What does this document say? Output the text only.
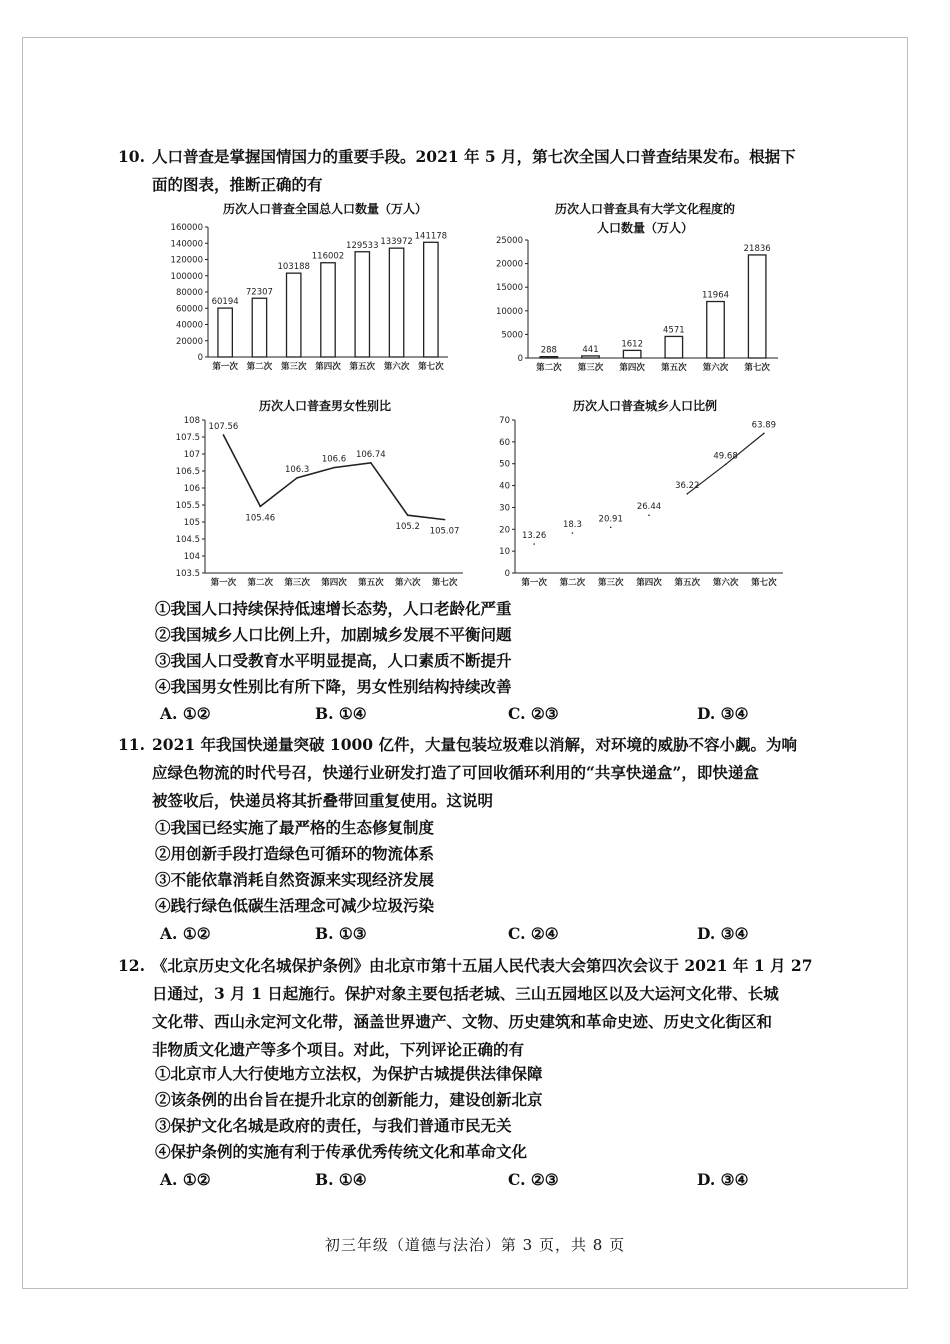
10. 人口普查是掌握国情国力的重要手段。2021 年 5 月，第七次全国人口普查结果发布。根据下
面的图表，推断正确的有
历次人口普查全国总人口数量（万人）
0
20000
40000
60000
80000
100000
120000
140000
160000
第一次 第二次 第三次 第四次 第五次 第六次 第七次
60194
72307
103188
116002
129533 133972
141178
历次人口普查具有大学文化程度的
人口数量（万人）
0
5000
10000
15000
20000
25000
第二次 第三次 第四次 第五次 第六次 第七次
288	441
1612
4571
11964
21836
历次人口普查男女性别比
103.5
104
104.5
105
105.5
106
106.5
107
107.5
108
第一次 第二次 第三次 第四次 第五次 第六次 第七次
107.56
105.46
106.3
106.6 106.74
105.2 105.07
历次人口普查城乡人口比例
0
10
20
30
40
50
60
70
第一次 第二次 第三次 第四次 第五次 第六次 第七次
13.26
18.3
20.91
26.44
36.22
49.68
63.89
①我国人口持续保持低速增长态势，人口老龄化严重
②我国城乡人口比例上升，加剧城乡发展不平衡问题
③我国人口受教育水平明显提高，人口素质不断提升
④我国男女性别比有所下降，男女性别结构持续改善
A. ①②	B. ①④	C. ②③	D. ③④
11. 2021 年我国快递量突破 1000 亿件，大量包装垃圾难以消解，对环境的威胁不容小觑。为响
应绿色物流的时代号召，快递行业研发打造了可回收循环利用的“共享快递盒”，即快递盒
被签收后，快递员将其折叠带回重复使用。这说明
①我国已经实施了最严格的生态修复制度
②用创新手段打造绿色可循环的物流体系
③不能依靠消耗自然资源来实现经济发展
④践行绿色低碳生活理念可减少垃圾污染
A. ①②	B. ①③	C. ②④	D. ③④
12. 《北京历史文化名城保护条例》由北京市第十五届人民代表大会第四次会议于 2021 年 1 月 27
日通过，3 月 1 日起施行。保护对象主要包括老城、三山五园地区以及大运河文化带、长城
文化带、西山永定河文化带，涵盖世界遗产、文物、历史建筑和革命史迹、历史文化街区和
非物质文化遗产等多个项目。对此，下列评论正确的有
①北京市人大行使地方立法权，为保护古城提供法律保障
②该条例的出台旨在提升北京的创新能力，建设创新北京
③保护文化名城是政府的责任，与我们普通市民无关
④保护条例的实施有利于传承优秀传统文化和革命文化
A. ①②	B. ①④	C. ②③	D. ③④
初三年级（道德与法治）第 3 页，共 8 页
